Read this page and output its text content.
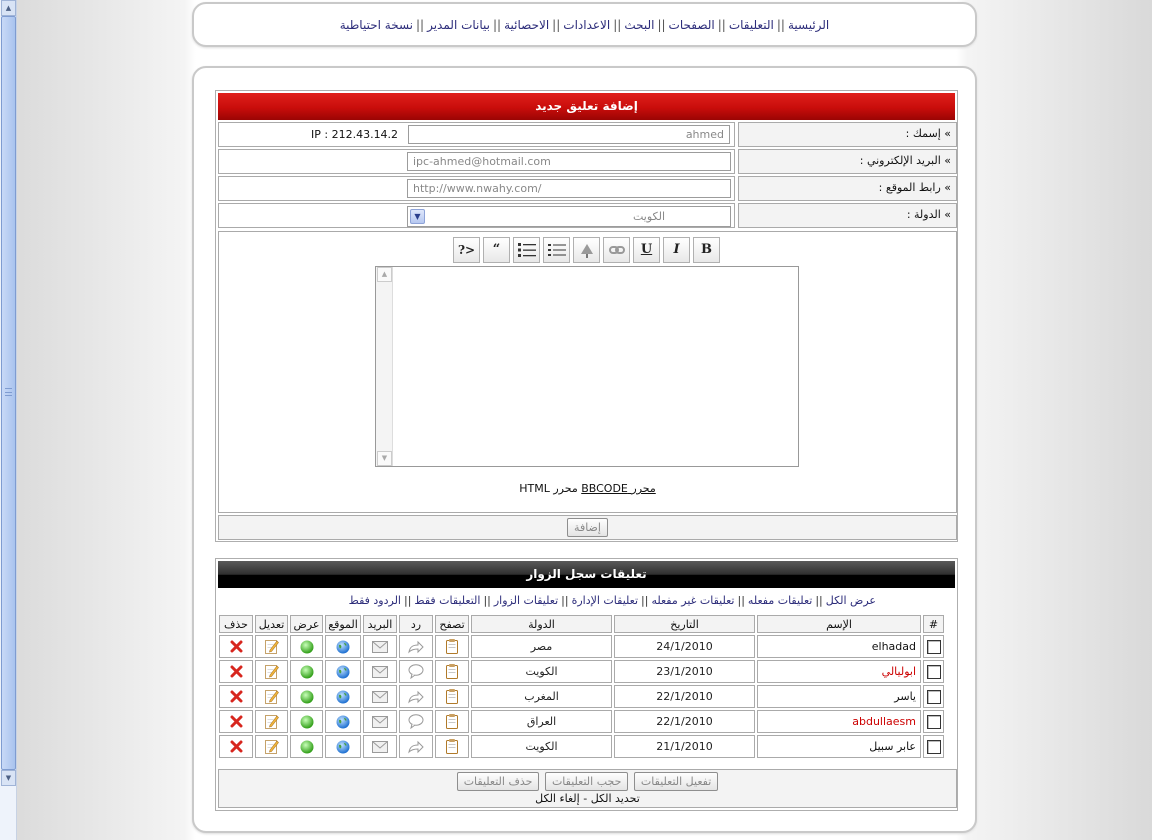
▲
▼
الرئيسية||التعليقات||الصفحات||البحث||الاعدادات||الاحصائية||بيانات المدير||نسخة احتياطية
إضافة تعليق جديد
» إسمك :
ahmed
IP : 212.43.14.2
» البريد الإلكتروني :
ipc-ahmed@hotmail.com
» رابط الموقع :
http://www.nwahy.com/
» الدولة :
▼	الكويت
B
I
U
“
?>
▲
▼
محرر BBCODE محرر HTML
إضافة
تعليقات سجل الزوار
عرض الكل||تعليقات مفعله||تعليقات غير مفعله||تعليقات الإدارة||تعليقات الزوار||التعليقات فقط||الردود فقط
#	الإسم	التاريخ	الدولة	تصفح	رد	البريد	الموقع	عرض	تعديل	حذف
	elhadad	24/1/2010	مصر							
	ابوليالي	23/1/2010	الكويت							
	ياسر	22/1/2010	المغرب							
	abdullaesm	22/1/2010	العراق							
	عابر سبيل	21/1/2010	الكويت							
تفعيل التعليقات حجب التعليقات حذف التعليقات
تحديد الكل - إلغاء الكل
